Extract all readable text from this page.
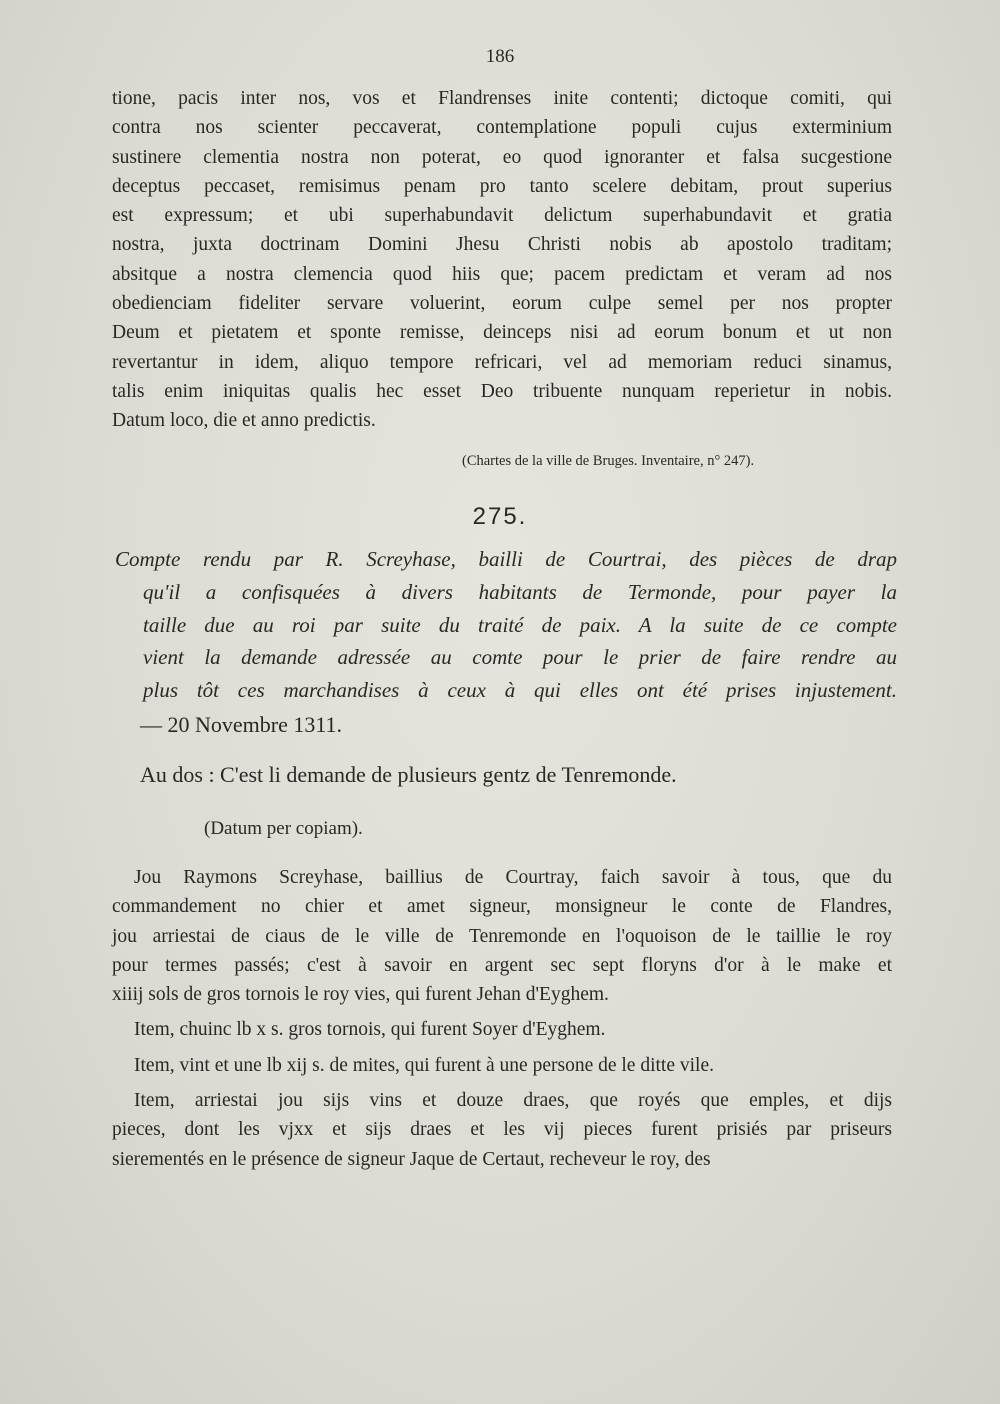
186
tione, pacis inter nos, vos et Flandrenses inite contenti; dictoque comiti, qui
contra nos scienter peccaverat, contemplatione populi cujus exterminium
sustinere clementia nostra non poterat, eo quod ignoranter et falsa sucgestione
deceptus peccaset, remisimus penam pro tanto scelere debitam, prout superius
est expressum; et ubi superhabundavit delictum superhabundavit et gratia
nostra, juxta doctrinam Domini Jhesu Christi nobis ab apostolo traditam;
absitque a nostra clemencia quod hiis que; pacem predictam et veram ad nos
obedienciam fideliter servare voluerint, eorum culpe semel per nos propter
Deum et pietatem et sponte remisse, deinceps nisi ad eorum bonum et ut non
revertantur in idem, aliquo tempore refricari, vel ad memoriam reduci sinamus,
talis enim iniquitas qualis hec esset Deo tribuente nunquam reperietur in nobis.
Datum loco, die et anno predictis.
(Chartes de la ville de Bruges. Inventaire, n° 247).
275.
Compte rendu par R. Screyhase, bailli de Courtrai, des pièces de drap
qu'il a confisquées à divers habitants de Termonde, pour payer la
taille due au roi par suite du traité de paix. A la suite de ce compte
vient la demande adressée au comte pour le prier de faire rendre au
plus tôt ces marchandises à ceux à qui elles ont été prises injustement.
— 20 Novembre 1311.
Au dos : C'est li demande de plusieurs gentz de Tenremonde.
(Datum per copiam).
Jou Raymons Screyhase, baillius de Courtray, faich savoir à tous, que du
commandement no chier et amet signeur, monsigneur le conte de Flandres,
jou arriestai de ciaus de le ville de Tenremonde en l'oquoison de le taillie le roy
pour termes passés; c'est à savoir en argent sec sept floryns d'or à le make et
xiiij sols de gros tornois le roy vies, qui furent Jehan d'Eyghem.
Item, chuinc lb x s. gros tornois, qui furent Soyer d'Eyghem.
Item, vint et une lb xij s. de mites, qui furent à une persone de le ditte vile.
Item, arriestai jou sijs vins et douze draes, que royés que emples, et dijs
pieces, dont les vjxx et sijs draes et les vij pieces furent prisiés par priseurs
sierementés en le présence de signeur Jaque de Certaut, recheveur le roy, des
